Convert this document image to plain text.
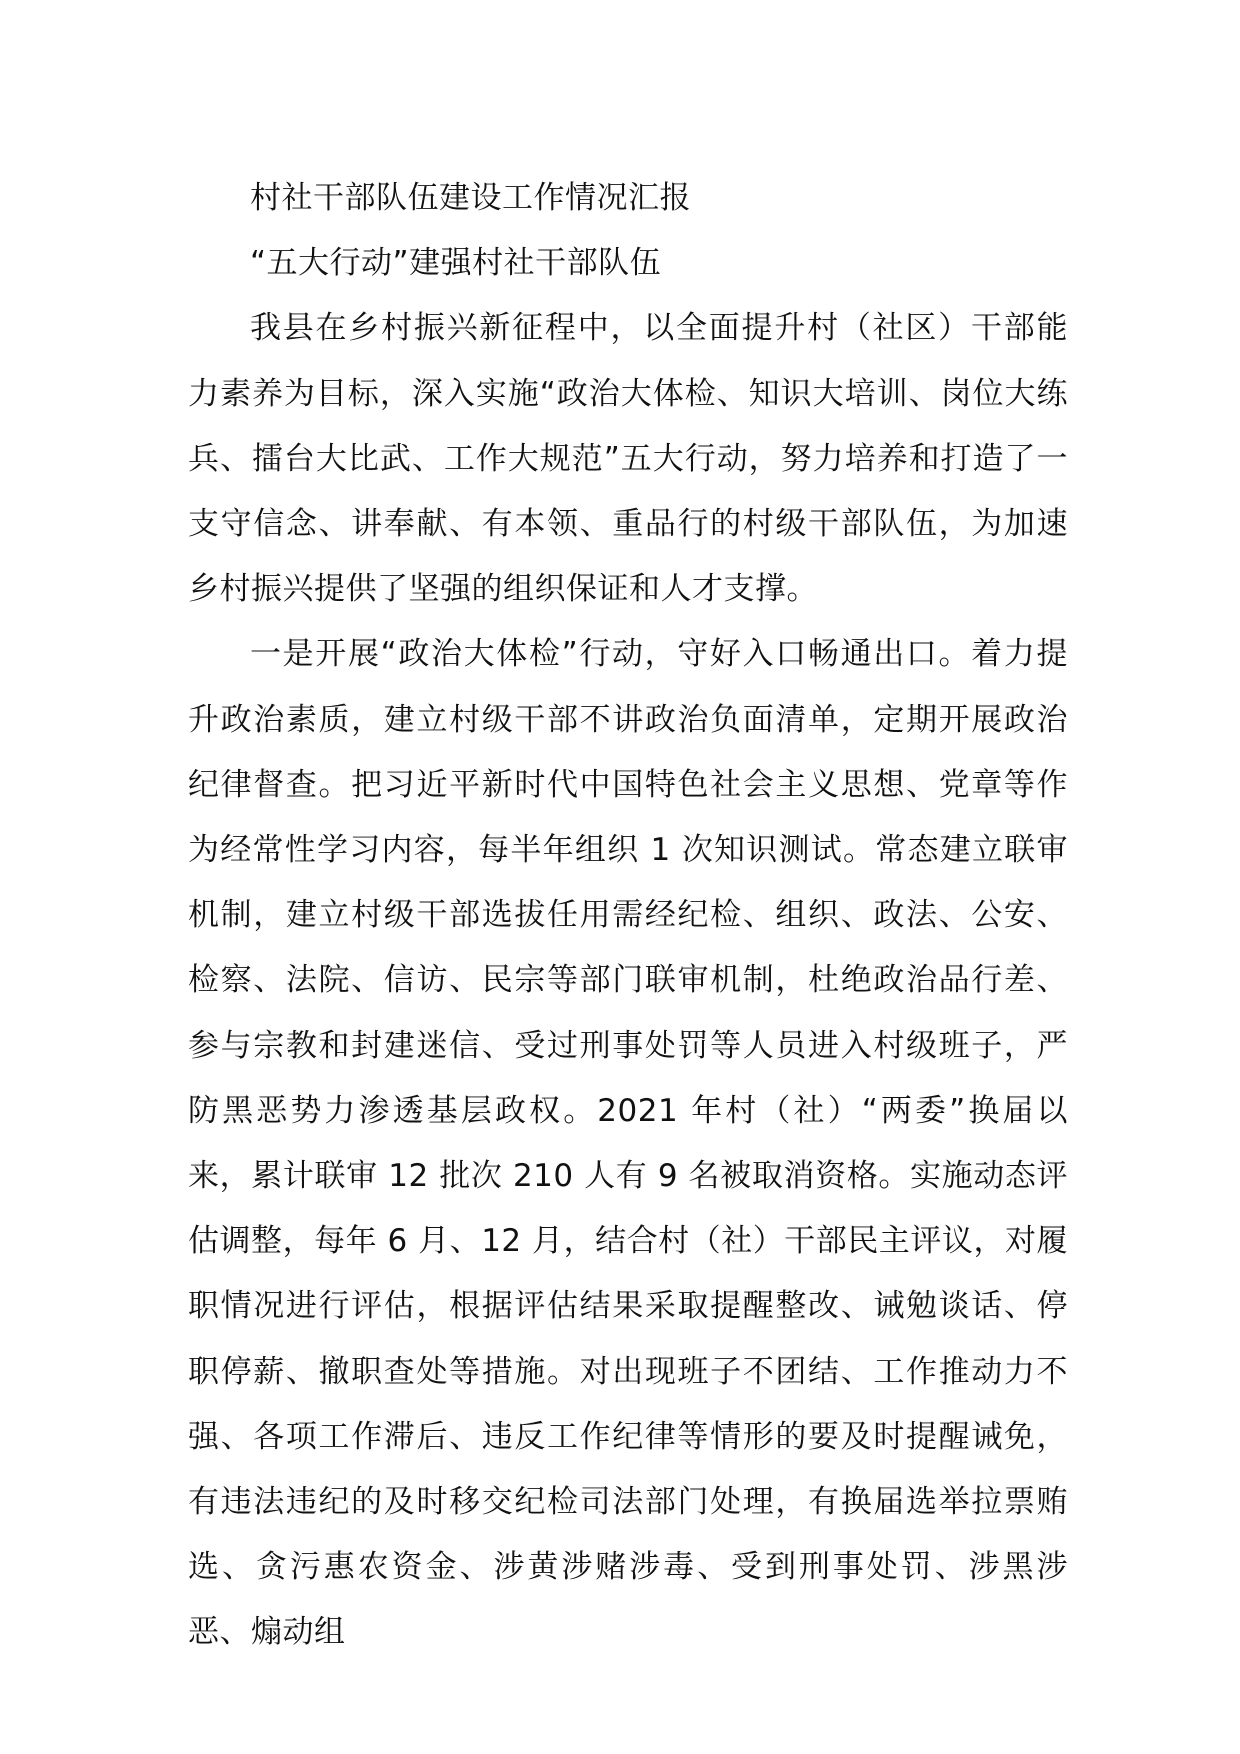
村社干部队伍建设工作情况汇报
“五大行动”建强村社干部队伍

我县在乡村振兴新征程中，以全面提升村（社区）干部能力素养为目标，深入实施“政治大体检、知识大培训、岗位大练兵、擂台大比武、工作大规范”五大行动，努力培养和打造了一支守信念、讲奉献、有本领、重品行的村级干部队伍，为加速乡村振兴提供了坚强的组织保证和人才支撑。

一是开展“政治大体检”行动，守好入口畅通出口。着力提升政治素质，建立村级干部不讲政治负面清单，定期开展政治纪律督查。把习近平新时代中国特色社会主义思想、党章等作为经常性学习内容，每半年组织 1 次知识测试。常态建立联审机制，建立村级干部选拔任用需经纪检、组织、政法、公安、检察、法院、信访、民宗等部门联审机制，杜绝政治品行差、参与宗教和封建迷信、受过刑事处罚等人员进入村级班子，严防黑恶势力渗透基层政权。2021 年村（社）“两委”换届以来，累计联审 12 批次 210 人有 9 名被取消资格。实施动态评估调整，每年 6 月、12 月，结合村（社）干部民主评议，对履职情况进行评估，根据评估结果采取提醒整改、诫勉谈话、停职停薪、撤职查处等措施。对出现班子不团结、工作推动力不强、各项工作滞后、违反工作纪律等情形的要及时提醒诫免，有违法违纪的及时移交纪检司法部门处理，有换届选举拉票贿选、贪污惠农资金、涉黄涉赌涉毒、受到刑事处罚、涉黑涉恶、煽动组
